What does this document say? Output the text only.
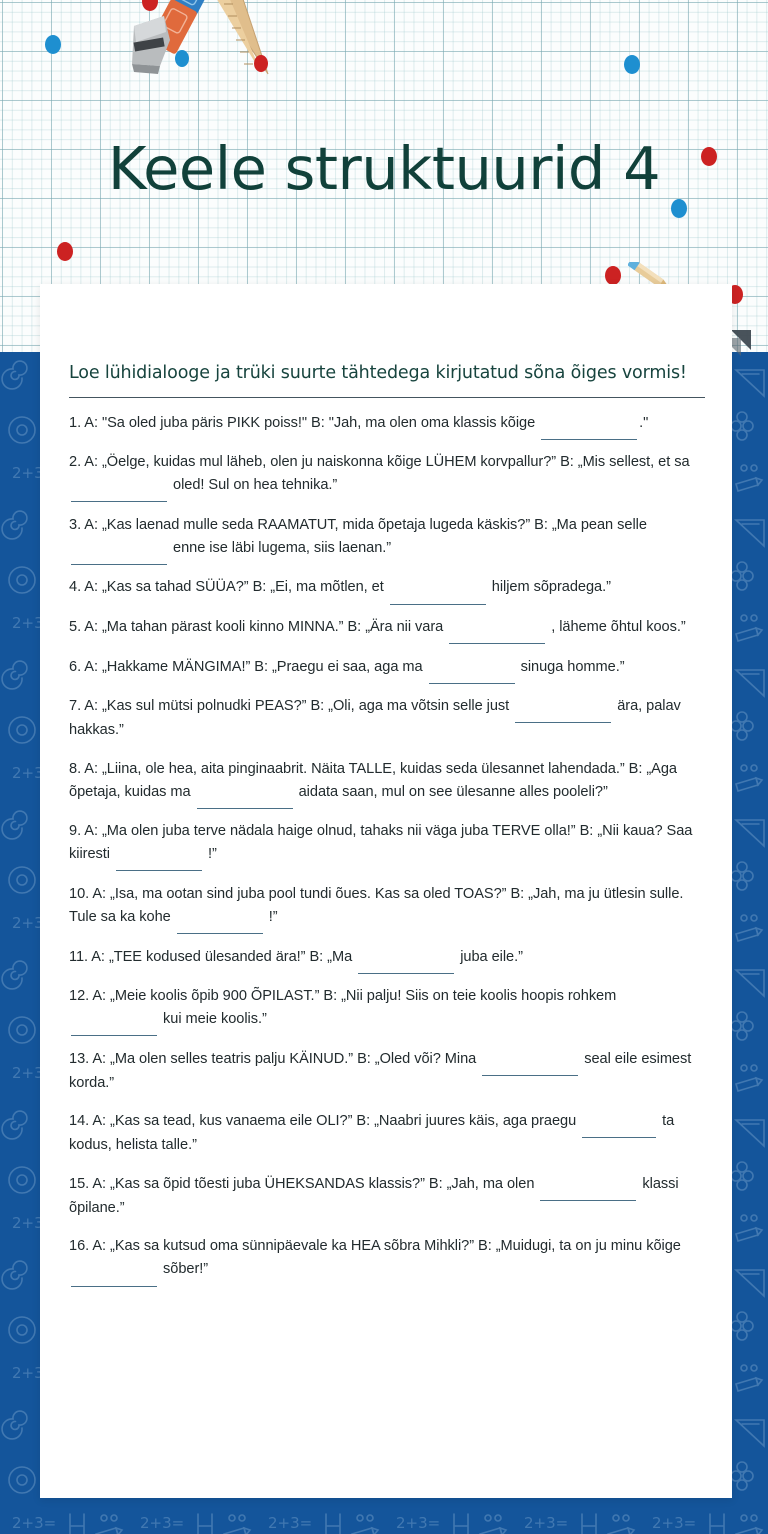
Loe lühidialooge ja trüki suurte tähtedega kirjutatud sõna õiges vormis!
1. A: "Sa oled juba päris PIKK poiss!" B: "Jah, ma olen oma klassis kõige	."
2. A: „Öelge, kuidas mul läheb, olen ju naiskonna kõige LÜHEM korvpallur?” B: „Mis sellest, et sa   oled! Sul on hea tehnika.”
3. A: „Kas laenad mulle seda RAAMATUT, mida õpetaja lugeda käskis?” B: „Ma pean selle   enne ise läbi lugema, siis laenan.”
4. A: „Kas sa tahad SÜÜA?” B: „Ei, ma mõtlen, et	hiljem sõpradega.”
5. A: „Ma tahan pärast kooli kinno MINNA.” B: „Ära nii vara	, läheme õhtul koos.”
6. A: „Hakkame MÄNGIMA!” B: „Praegu ei saa, aga ma	sinuga homme.”
7. A: „Kas sul mütsi polnudki PEAS?” B: „Oli, aga ma võtsin selle just	ära, palav hakkas.”
8. A: „Liina, ole hea, aita pinginaabrit. Näita TALLE, kuidas seda ülesannet lahendada.” B: „Aga õpetaja, kuidas ma	aidata saan, mul on see ülesanne alles pooleli?”
9. A: „Ma olen juba terve nädala haige olnud, tahaks nii väga juba TERVE olla!” B: „Nii kaua? Saa kiiresti	!”
10. A: „Isa, ma ootan sind juba pool tundi õues. Kas sa oled TOAS?” B: „Jah, ma ju ütlesin sulle. Tule sa ka kohe	!”
11. A: „TEE kodused ülesanded ära!” B: „Ma	juba eile.”
12. A: „Meie koolis õpib 900 ÕPILAST.” B: „Nii palju! Siis on teie koolis hoopis rohkem   kui meie koolis.”
13. A: „Ma olen selles teatris palju KÄINUD.” B: „Oled või? Mina	seal eile esimest korda.”
14. A: „Kas sa tead, kus vanaema eile OLI?” B: „Naabri juures käis, aga praegu	ta kodus, helista talle.”
15. A: „Kas sa õpid tõesti juba ÜHEKSANDAS klassis?” B: „Jah, ma olen	klassi õpilane.”
16. A: „Kas sa kutsud oma sünnipäevale ka HEA sõbra Mihkli?” B: „Muidugi, ta on ju minu kõige   sõber!”
Keele struktuurid 4
